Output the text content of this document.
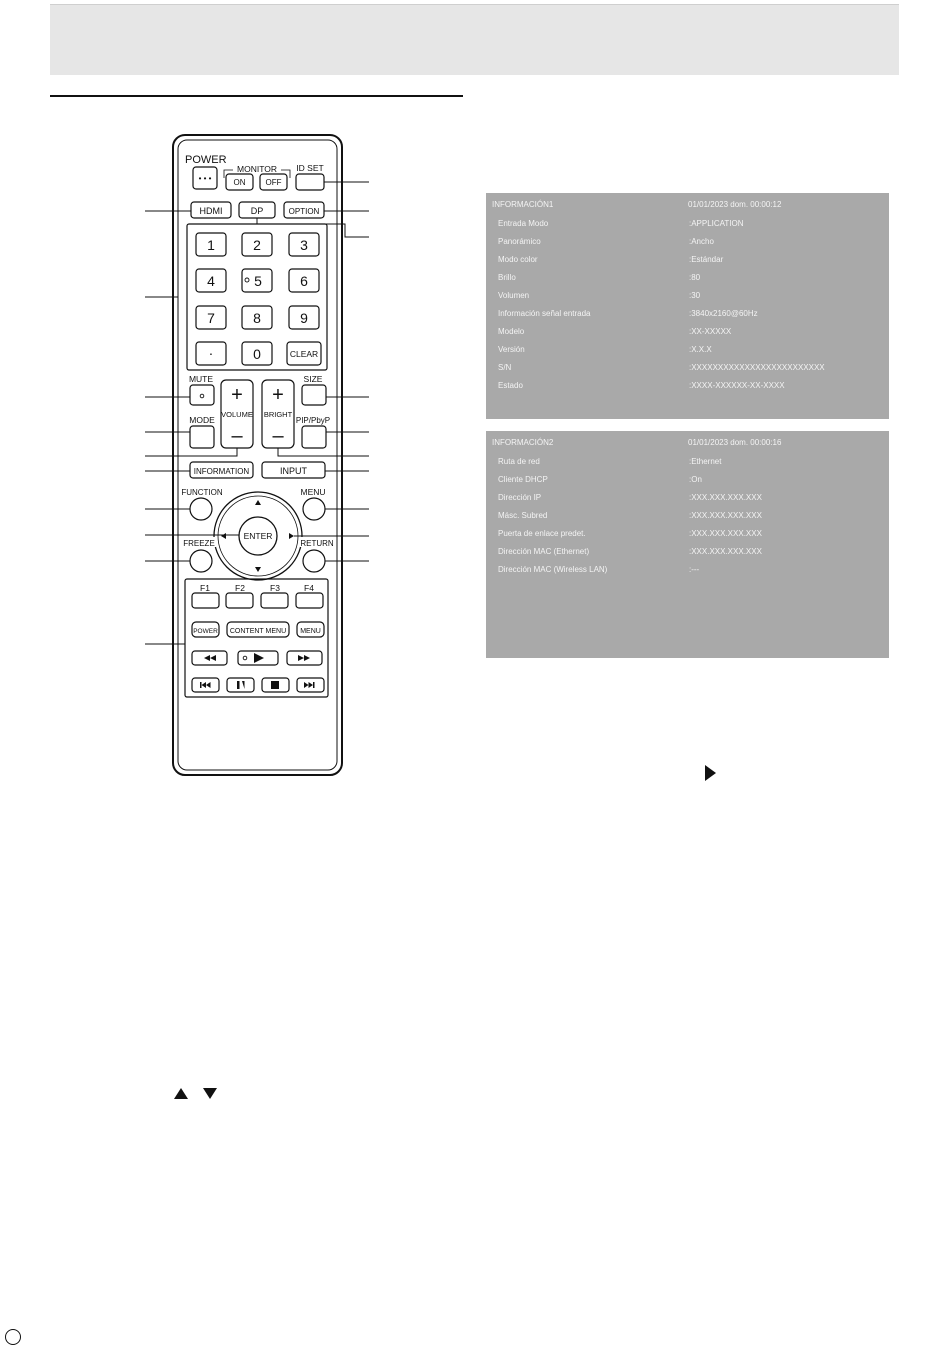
POWER
• • •
MONITOR
ON	OFF
ID SET
HDMI	DP	OPTION
1	2	3
4	5	6
7	8	9
·	0	CLEAR
MUTE	SIZE
MODE	PIP/PbyP
+
VOLUME
–
+
BRIGHT
–
INFORMATION	INPUT
FUNCTION	MENU
ENTER
FREEZE	RETURN
F1	F2	F3	F4
POWER CONTENT MENU MENU
INFORMACIÓN1	01/01/2023 dom. 00:00:12
Entrada Modo	:APPLICATION
Panorámico	:Ancho
Modo color	:Estándar
Brillo	:80
Volumen	:30
Información señal entrada	:3840x2160@60Hz
Modelo	:XX-XXXXX
Versión	:X.X.X
S/N	:XXXXXXXXXXXXXXXXXXXXXXXXX
Estado	:XXXX-XXXXXX-XX-XXXX
INFORMACIÓN2	01/01/2023 dom. 00:00:16
Ruta de red	:Ethernet
Cliente DHCP	:On
Dirección IP	:XXX.XXX.XXX.XXX
Másc. Subred	:XXX.XXX.XXX.XXX
Puerta de enlace predet.	:XXX.XXX.XXX.XXX
Dirección MAC (Ethernet)	:XXX.XXX.XXX.XXX
Dirección MAC (Wireless LAN)	:---
